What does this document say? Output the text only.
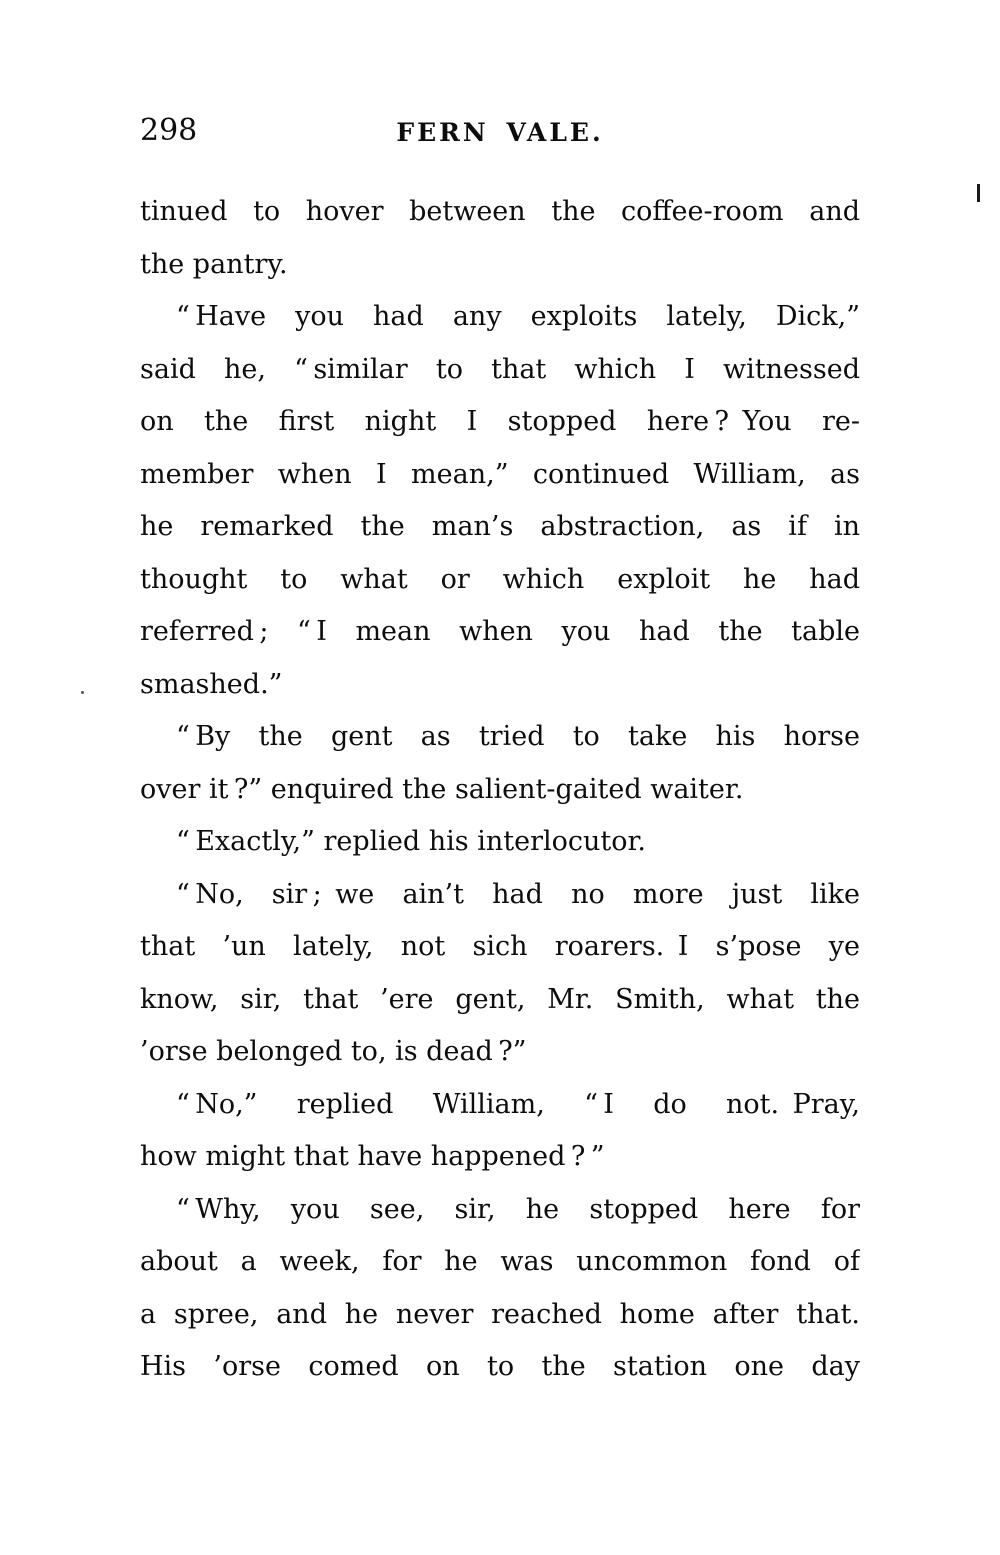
298	FERN VALE.
tinued to hover between the coffee-room and
the pantry.
“ Have you had any exploits lately, Dick,”
said he, “ similar to that which I witnessed
on the first night I stopped here ? You re-
member when I mean,” continued William, as
he remarked the man’s abstraction, as if in
thought to what or which exploit he had
referred ; “ I mean when you had the table
smashed.”
“ By the gent as tried to take his horse
over it ?” enquired the salient-gaited waiter.
“ Exactly,” replied his interlocutor.
“ No, sir ; we ain’t had no more just like
that ’un lately, not sich roarers. I s’pose ye
know, sir, that ’ere gent, Mr. Smith, what the
’orse belonged to, is dead ?”
“ No,” replied William, “ I do not. Pray,
how might that have happened ? ”
“ Why, you see, sir, he stopped here for
about a week, for he was uncommon fond of
a spree, and he never reached home after that.
His ’orse comed on to the station one day
